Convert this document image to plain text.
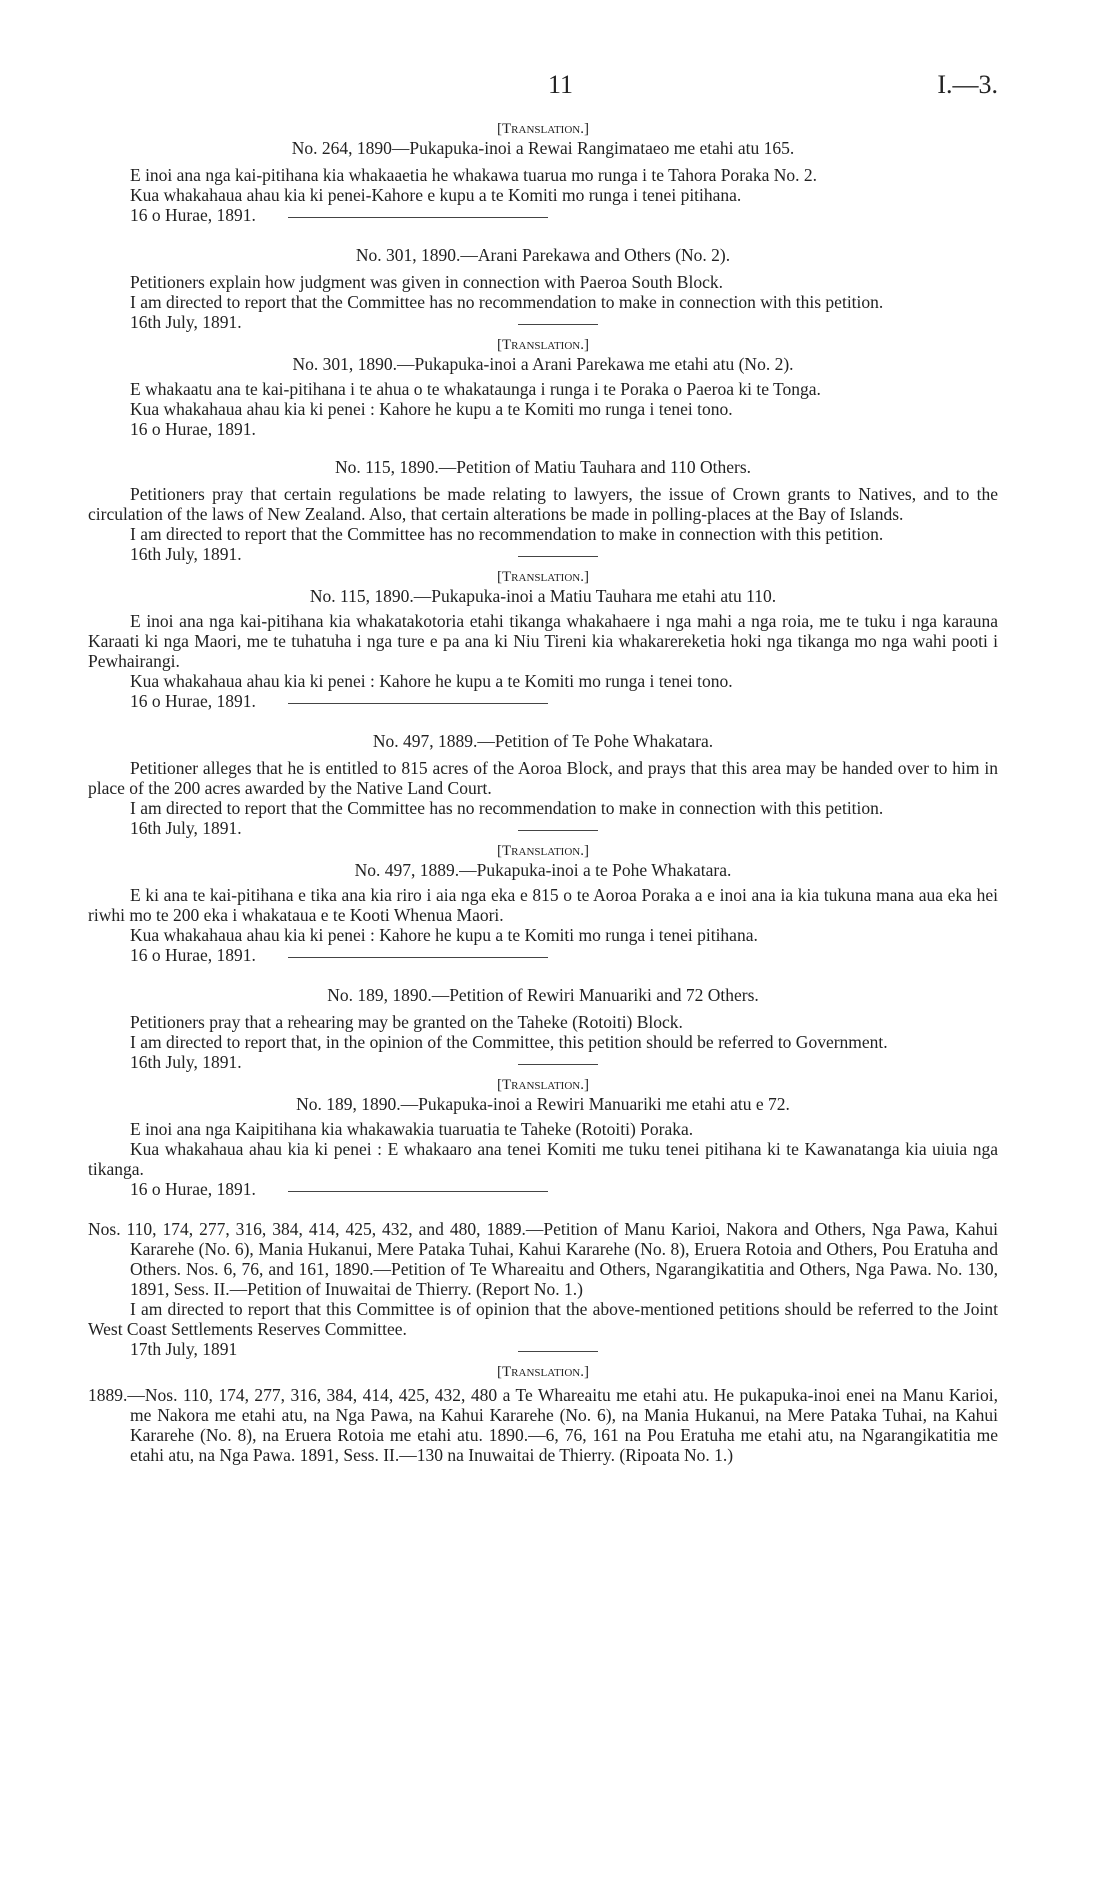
11	I.—3.
[Translation.]
No. 264, 1890—Pukapuka-inoi a Rewai Rangimataeo me etahi atu 165.

E inoi ana nga kai-pitihana kia whakaaetia he whakawa tuarua mo runga i te Tahora Poraka No. 2.

Kua whakahaua ahau kia ki penei-Kahore e kupu a te Komiti mo runga i tenei pitihana.

16 o Hurae, 1891.
No. 301, 1890.—Arani Parekawa and Others (No. 2).

Petitioners explain how judgment was given in connection with Paeroa South Block.

I am directed to report that the Committee has no recommendation to make in connection with this petition.

16th July, 1891.
[Translation.]
No. 301, 1890.—Pukapuka-inoi a Arani Parekawa me etahi atu (No. 2).

E whakaatu ana te kai-pitihana i te ahua o te whakataunga i runga i te Poraka o Paeroa ki te Tonga.

Kua whakahaua ahau kia ki penei : Kahore he kupu a te Komiti mo runga i tenei tono.

16 o Hurae, 1891.
No. 115, 1890.—Petition of Matiu Tauhara and 110 Others.

Petitioners pray that certain regulations be made relating to lawyers, the issue of Crown grants to Natives, and to the circulation of the laws of New Zealand. Also, that certain alterations be made in polling-places at the Bay of Islands.

I am directed to report that the Committee has no recommendation to make in connection with this petition.

16th July, 1891.
[Translation.]
No. 115, 1890.—Pukapuka-inoi a Matiu Tauhara me etahi atu 110.

E inoi ana nga kai-pitihana kia whakatakotoria etahi tikanga whakahaere i nga mahi a nga roia, me te tuku i nga karauna Karaati ki nga Maori, me te tuhatuha i nga ture e pa ana ki Niu Tireni kia whakarereketia hoki nga tikanga mo nga wahi pooti i Pewhairangi.

Kua whakahaua ahau kia ki penei : Kahore he kupu a te Komiti mo runga i tenei tono.

16 o Hurae, 1891.
No. 497, 1889.—Petition of Te Pohe Whakatara.

Petitioner alleges that he is entitled to 815 acres of the Aoroa Block, and prays that this area may be handed over to him in place of the 200 acres awarded by the Native Land Court.

I am directed to report that the Committee has no recommendation to make in connection with this petition.

16th July, 1891.
[Translation.]
No. 497, 1889.—Pukapuka-inoi a te Pohe Whakatara.

E ki ana te kai-pitihana e tika ana kia riro i aia nga eka e 815 o te Aoroa Poraka a e inoi ana ia kia tukuna mana aua eka hei riwhi mo te 200 eka i whakataua e te Kooti Whenua Maori.

Kua whakahaua ahau kia ki penei : Kahore he kupu a te Komiti mo runga i tenei pitihana.

16 o Hurae, 1891.
No. 189, 1890.—Petition of Rewiri Manuariki and 72 Others.

Petitioners pray that a rehearing may be granted on the Taheke (Rotoiti) Block.

I am directed to report that, in the opinion of the Committee, this petition should be referred to Government.

16th July, 1891.
[Translation.]
No. 189, 1890.—Pukapuka-inoi a Rewiri Manuariki me etahi atu e 72.

E inoi ana nga Kaipitihana kia whakawakia tuaruatia te Taheke (Rotoiti) Poraka.

Kua whakahaua ahau kia ki penei : E whakaaro ana tenei Komiti me tuku tenei pitihana ki te Kawanatanga kia uiuia nga tikanga.

16 o Hurae, 1891.

Nos. 110, 174, 277, 316, 384, 414, 425, 432, and 480, 1889.—Petition of Manu Karioi, Nakora and Others, Nga Pawa, Kahui Kararehe (No. 6), Mania Hukanui, Mere Pataka Tuhai, Kahui Kararehe (No. 8), Eruera Rotoia and Others, Pou Eratuha and Others. Nos. 6, 76, and 161, 1890.—Petition of Te Whareaitu and Others, Ngarangikatitia and Others, Nga Pawa. No. 130, 1891, Sess. II.—Petition of Inuwaitai de Thierry. (Report No. 1.)

I am directed to report that this Committee is of opinion that the above-mentioned petitions should be referred to the Joint West Coast Settlements Reserves Committee.

17th July, 1891
[Translation.]

1889.—Nos. 110, 174, 277, 316, 384, 414, 425, 432, 480 a Te Whareaitu me etahi atu. He pukapuka-inoi enei na Manu Karioi, me Nakora me etahi atu, na Nga Pawa, na Kahui Kararehe (No. 6), na Mania Hukanui, na Mere Pataka Tuhai, na Kahui Kararehe (No. 8), na Eruera Rotoia me etahi atu. 1890.—6, 76, 161 na Pou Eratuha me etahi atu, na Ngarangikatitia me etahi atu, na Nga Pawa. 1891, Sess. II.—130 na Inuwaitai de Thierry. (Ripoata No. 1.)
